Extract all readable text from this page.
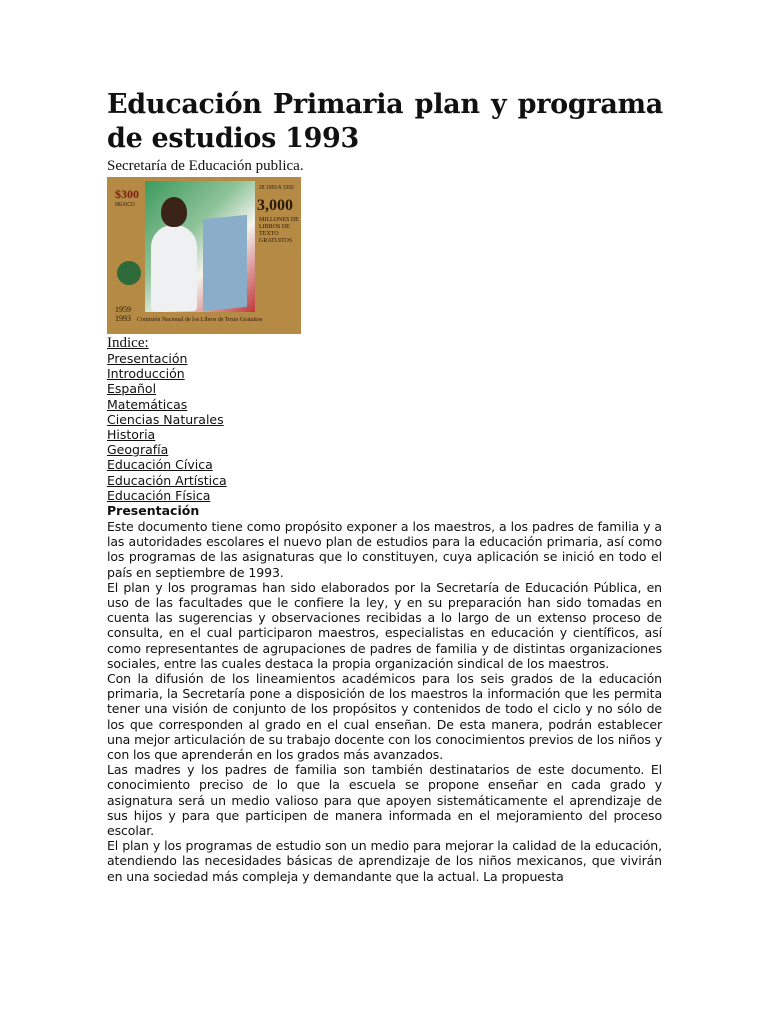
Educación Primaria plan y programa de estudios 1993
Secretaría de Educación publica.
$300
MEXICO
28 1959 A 1993
3,000
MILLONES DE LIBROS DE TEXTO GRATUITOS
1959
1993 Comisión Nacional de los Libros de Texto Gratuitos
Indice:
Presentación
Introducción
Español
Matemáticas
Ciencias Naturales
Historia
Geografía
Educación Cívica
Educación Artística
Educación Física
Presentación

Este documento tiene como propósito exponer a los maestros, a los padres de familia y a las autoridades escolares el nuevo plan de estudios para la educación primaria, así como los programas de las asignaturas que lo constituyen, cuya aplicación se inició en todo el país en septiembre de 1993.

El plan y los programas han sido elaborados por la Secretaría de Educación Pública, en uso de las facultades que le confiere la ley, y en su preparación han sido tomadas en cuenta las sugerencias y observaciones recibidas a lo largo de un extenso proceso de consulta, en el cual participaron maestros, especialistas en educación y científicos, así como representantes de agrupaciones de padres de familia y de distintas organizaciones sociales, entre las cuales destaca la propia organización sindical de los maestros.

Con la difusión de los lineamientos académicos para los seis grados de la educación primaria, la Secretaría pone a disposición de los maestros la información que les permita tener una visión de conjunto de los propósitos y contenidos de todo el ciclo y no sólo de los que corresponden al grado en el cual enseñan. De esta manera, podrán establecer una mejor articulación de su trabajo docente con los conocimientos previos de los niños y con los que aprenderán en los grados más avanzados.

Las madres y los padres de familia son también destinatarios de este documento. El conocimiento preciso de lo que la escuela se propone enseñar en cada grado y asignatura será un medio valioso para que apoyen sistemáticamente el aprendizaje de sus hijos y para que participen de manera informada en el mejoramiento del proceso escolar.

El plan y los programas de estudio son un medio para mejorar la calidad de la educación, atendiendo las necesidades básicas de aprendizaje de los niños mexicanos, que vivirán en una sociedad más compleja y demandante que la actual. La propuesta
